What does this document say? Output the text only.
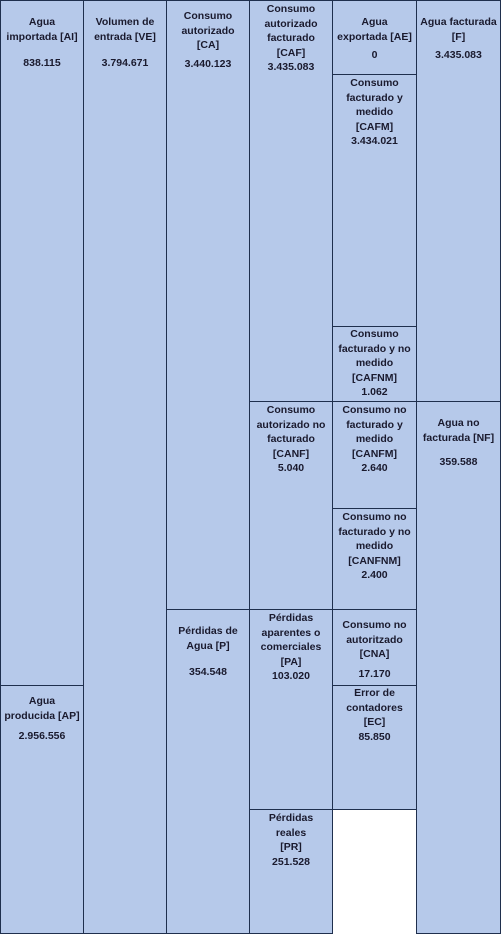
Agua importada [AI]
838.115
Agua producida [AP]
2.956.556
Volumen de entrada [VE]
3.794.671
Consumo autorizado [CA]
3.440.123
Pérdidas de Agua [P]
354.548
Consumo autorizado facturado [CAF]
3.435.083
Consumo autorizado no facturado [CANF]
5.040
Pérdidas aparentes o comerciales [PA]
103.020
Pérdidas reales [PR]
251.528
Agua exportada [AE]
0
Consumo facturado y medido [CAFM]
3.434.021
Consumo facturado y no medido [CAFNM]
1.062
Consumo no facturado y medido [CANFM]
2.640
Consumo no facturado y no medido [CANFNM]
2.400
Consumo no autoritzado [CNA]
17.170
Error de contadores [EC]
85.850
Agua facturada [F]
3.435.083
Agua no facturada [NF]
359.588
